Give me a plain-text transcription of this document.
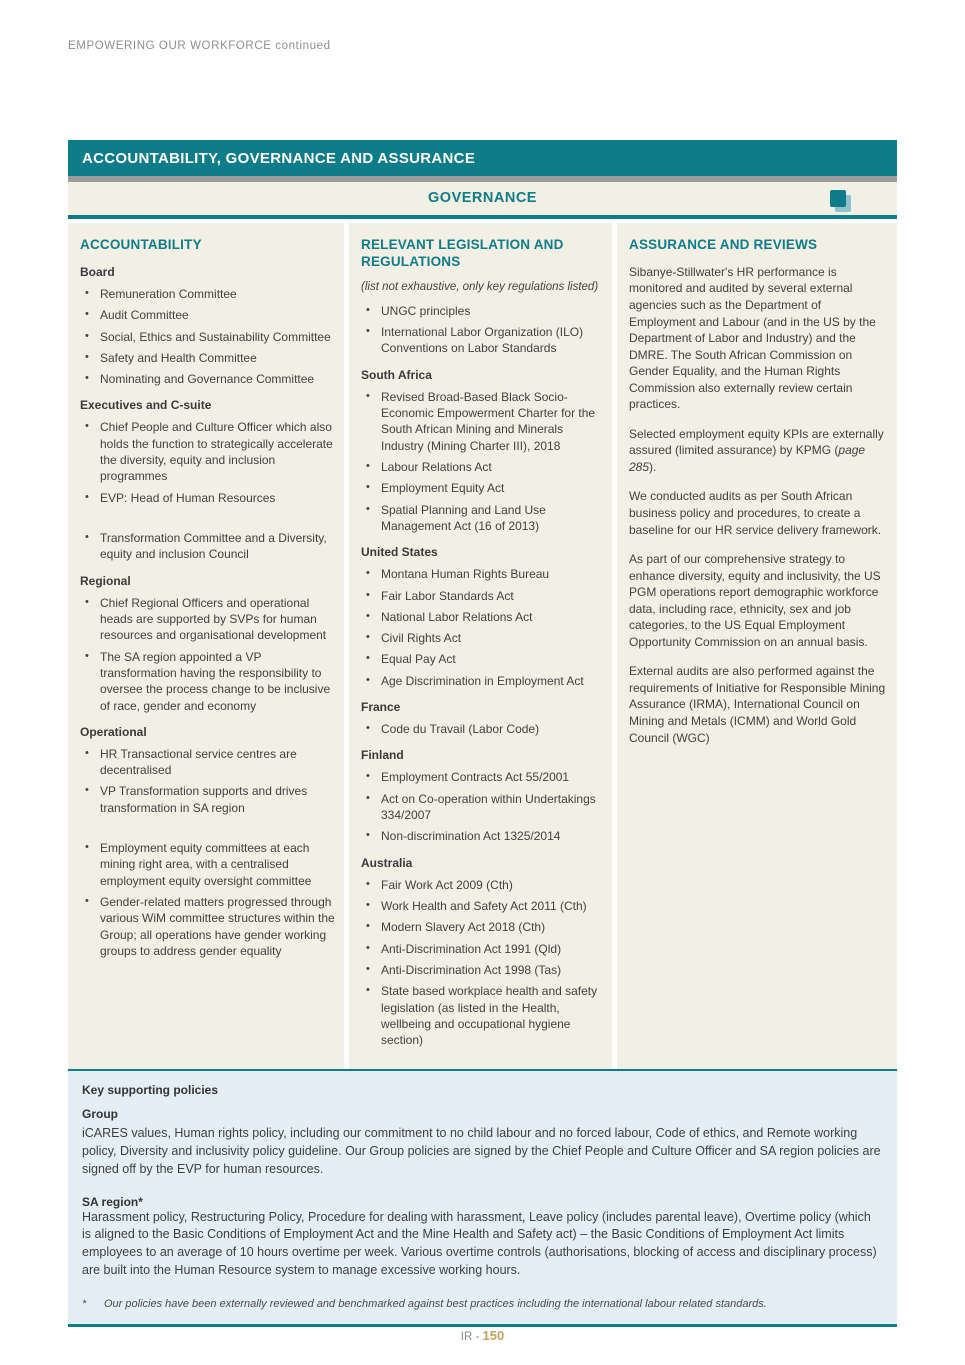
EMPOWERING OUR WORKFORCE continued
ACCOUNTABILITY, GOVERNANCE AND ASSURANCE
GOVERNANCE
ACCOUNTABILITY
Board
• Remuneration Committee
• Audit Committee
• Social, Ethics and Sustainability Committee
• Safety and Health Committee
• Nominating and Governance Committee
Executives and C-suite
• Chief People and Culture Officer which also holds the function to strategically accelerate the diversity, equity and inclusion programmes
• EVP: Head of Human Resources
• Transformation Committee and a Diversity, equity and inclusion Council
Regional
• Chief Regional Officers and operational heads are supported by SVPs for human resources and organisational development
• The SA region appointed a VP transformation having the responsibility to oversee the process change to be inclusive of race, gender and economy
Operational
• HR Transactional service centres are decentralised
• VP Transformation supports and drives transformation in SA region
• Employment equity committees at each mining right area, with a centralised employment equity oversight committee
• Gender-related matters progressed through various WiM committee structures within the Group; all operations have gender working groups to address gender equality
RELEVANT LEGISLATION AND REGULATIONS

(list not exhaustive, only key regulations listed)

• UNGC principles
• International Labor Organization (ILO) Conventions on Labor Standards
South Africa
• Revised Broad-Based Black Socio-Economic Empowerment Charter for the South African Mining and Minerals Industry (Mining Charter III), 2018
• Labour Relations Act
• Employment Equity Act
• Spatial Planning and Land Use Management Act (16 of 2013)
United States
• Montana Human Rights Bureau
• Fair Labor Standards Act
• National Labor Relations Act
• Civil Rights Act
• Equal Pay Act
• Age Discrimination in Employment Act
France
• Code du Travail (Labor Code)
Finland
• Employment Contracts Act 55/2001
• Act on Co-operation within Undertakings 334/2007
• Non-discrimination Act 1325/2014
Australia
• Fair Work Act 2009 (Cth)
• Work Health and Safety Act 2011 (Cth)
• Modern Slavery Act 2018 (Cth)
• Anti-Discrimination Act 1991 (Qld)
• Anti-Discrimination Act 1998 (Tas)
• State based workplace health and safety legislation (as listed in the Health, wellbeing and occupational hygiene section)
ASSURANCE AND REVIEWS

Sibanye-Stillwater's HR performance is monitored and audited by several external agencies such as the Department of Employment and Labour (and in the US by the Department of Labor and Industry) and the DMRE. The South African Commission on Gender Equality, and the Human Rights Commission also externally review certain practices.

Selected employment equity KPIs are externally assured (limited assurance) by KPMG (page 285).

We conducted audits as per South African business policy and procedures, to create a baseline for our HR service delivery framework.

As part of our comprehensive strategy to enhance diversity, equity and inclusivity, the US PGM operations report demographic workforce data, including race, ethnicity, sex and job categories, to the US Equal Employment Opportunity Commission on an annual basis.

External audits are also performed against the requirements of Initiative for Responsible Mining Assurance (IRMA), International Council on Mining and Metals (ICMM) and World Gold Council (WGC)

Key supporting policies
Group
iCARES values, Human rights policy, including our commitment to no child labour and no forced labour, Code of ethics, and Remote working policy, Diversity and inclusivity policy guideline. Our Group policies are signed by the Chief People and Culture Officer and SA region policies are signed off by the EVP for human resources.
SA region*
Harassment policy, Restructuring Policy, Procedure for dealing with harassment, Leave policy (includes parental leave), Overtime policy (which is aligned to the Basic Conditions of Employment Act and the Mine Health and Safety act) – the Basic Conditions of Employment Act limits employees to an average of 10 hours overtime per week. Various overtime controls (authorisations, blocking of access and disciplinary process) are built into the Human Resource system to manage excessive working hours.
*	Our policies have been externally reviewed and benchmarked against best practices including the international labour related standards.
IR - 150
